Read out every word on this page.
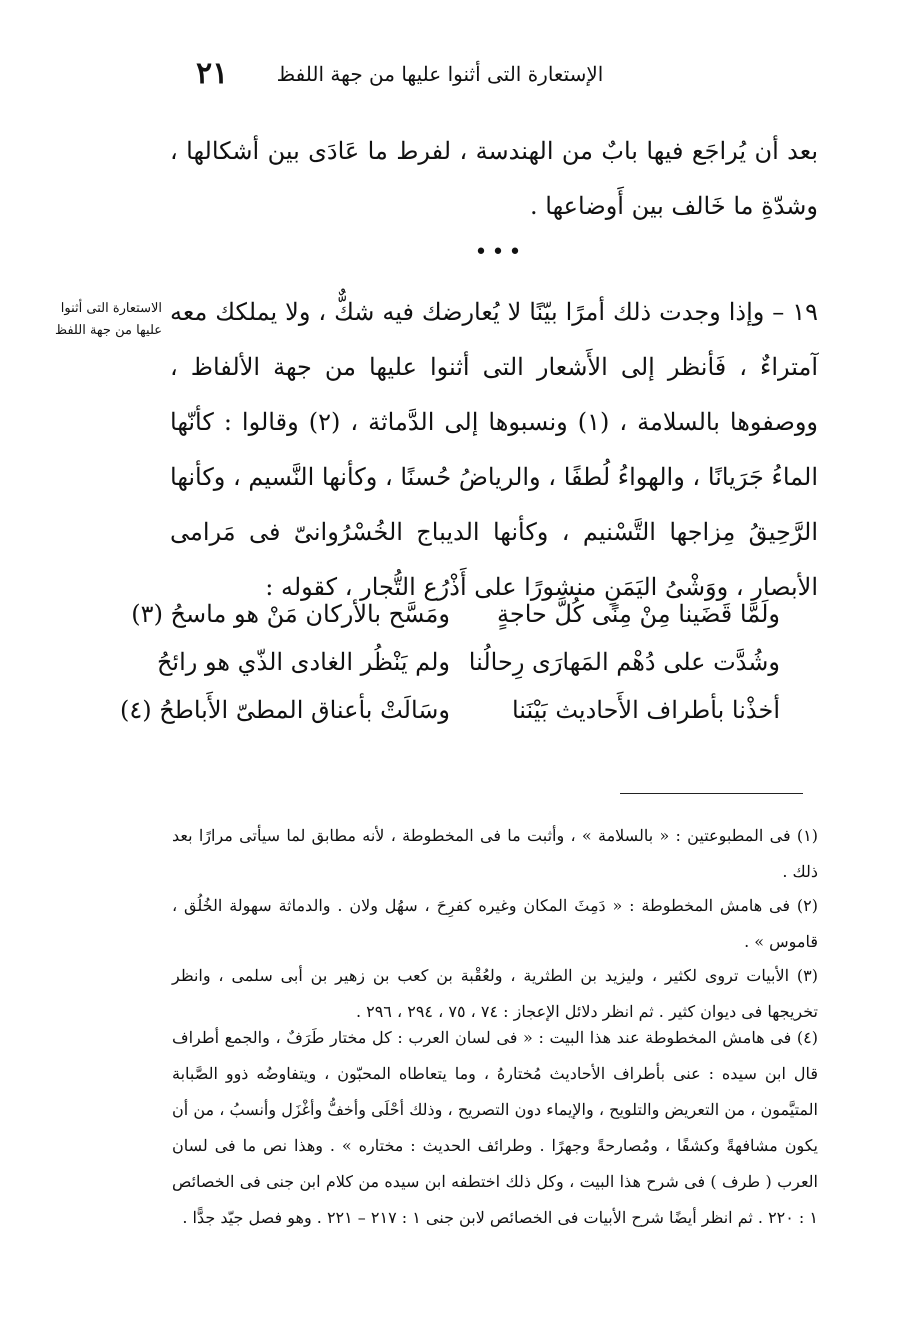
الإستعارة التى أثنوا عليها من جهة اللفظ
٢١
بعد أن يُراجَع فيها بابٌ من الهندسة ، لفرط ما عَادَى بين أشكالها ، وشدّةِ ما خَالف بين أَوضاعها .
•••
١٩ – وإذا وجدت ذلك أمرًا بيّنًا لا يُعارضك فيه شكٌّ ، ولا يملكك معه آمتراءٌ ، فَأنظر إلى الأَشعار التى أثنوا عليها من جهة الألفاظ ، ووصفوها بالسلامة ، (١) ونسبوها إلى الدَّماثة ، (٢) وقالوا : كأنّها الماءُ جَرَيانًا ، والهواءُ لُطفًا ، والرياضُ حُسنًا ، وكأنها النَّسيم ، وكأنها الرَّحِيقُ مِزاجها التَّسْنيم ، وكأنها الديباج الخُسْرُوانىّ فى مَرامى الأبصار ، ووَشْىُ اليَمَنِ منشورًا على أَذْرُع التُّجار ، كقوله :
الاستعارة التى أثنوا عليها من جهة اللفظ
ولَمَّا قَضَينا مِنْ مِنًى كُلَّ حاجةٍ
ومَسَّح بالأركان مَنْ هو ماسحُ (٣)
وشُدَّت على دُهْم المَهارَى رِحالُنا
ولم يَنْظُر الغادى الذّي هو رائحُ
أخذْنا بأطراف الأَحاديث بَيْنَنا
وسَالَتْ بأعناق المطىّ الأَباطحُ (٤)
(١) فى المطبوعتين : « بالسلامة » ، وأثبت ما فى المخطوطة ، لأنه مطابق لما سيأتى مرارًا بعد ذلك .
(٢) فى هامش المخطوطة : « دَمِثَ المكان وغيره كفرِحَ ، سهُل ولان . والدماثة سهولة الخُلُق ، قاموس » .
(٣) الأبيات تروى لكثير ، وليزيد بن الطثرية ، ولعُقْبة بن كعب بن زهير بن أبى سلمى ، وانظر تخريجها فى ديوان كثير . ثم انظر دلائل الإعجاز : ٧٤ ، ٧٥ ، ٢٩٤ ، ٢٩٦ .
(٤) فى هامش المخطوطة عند هذا البيت : « فى لسان العرب : كل مختار طَرَفٌ ، والجمع أطراف قال ابن سيده : عنى بأطراف الأحاديث مُختارهُ ، وما يتعاطاه المحبّون ، ويتفاوضُه ذوو الصَّبابة المتيَّمون ، من التعريض والتلويح ، والإيماء دون التصريح ، وذلك أحْلَى وأخفُّ وأغْزَل وأنسبُ ، من أن يكون مشافهةً وكشفًا ، ومُصارحةً وجهرًا . وطرائف الحديث : مختاره » . وهذا نص ما فى لسان العرب ( طرف ) فى شرح هذا البيت ، وكل ذلك اختطفه ابن سيده من كلام ابن جنى فى الخصائص ١ : ٢٢٠ . ثم انظر أيضًا شرح الأبيات فى الخصائص لابن جنى ١ : ٢١٧ – ٢٢١ . وهو فصل جيّد جدًّا .
